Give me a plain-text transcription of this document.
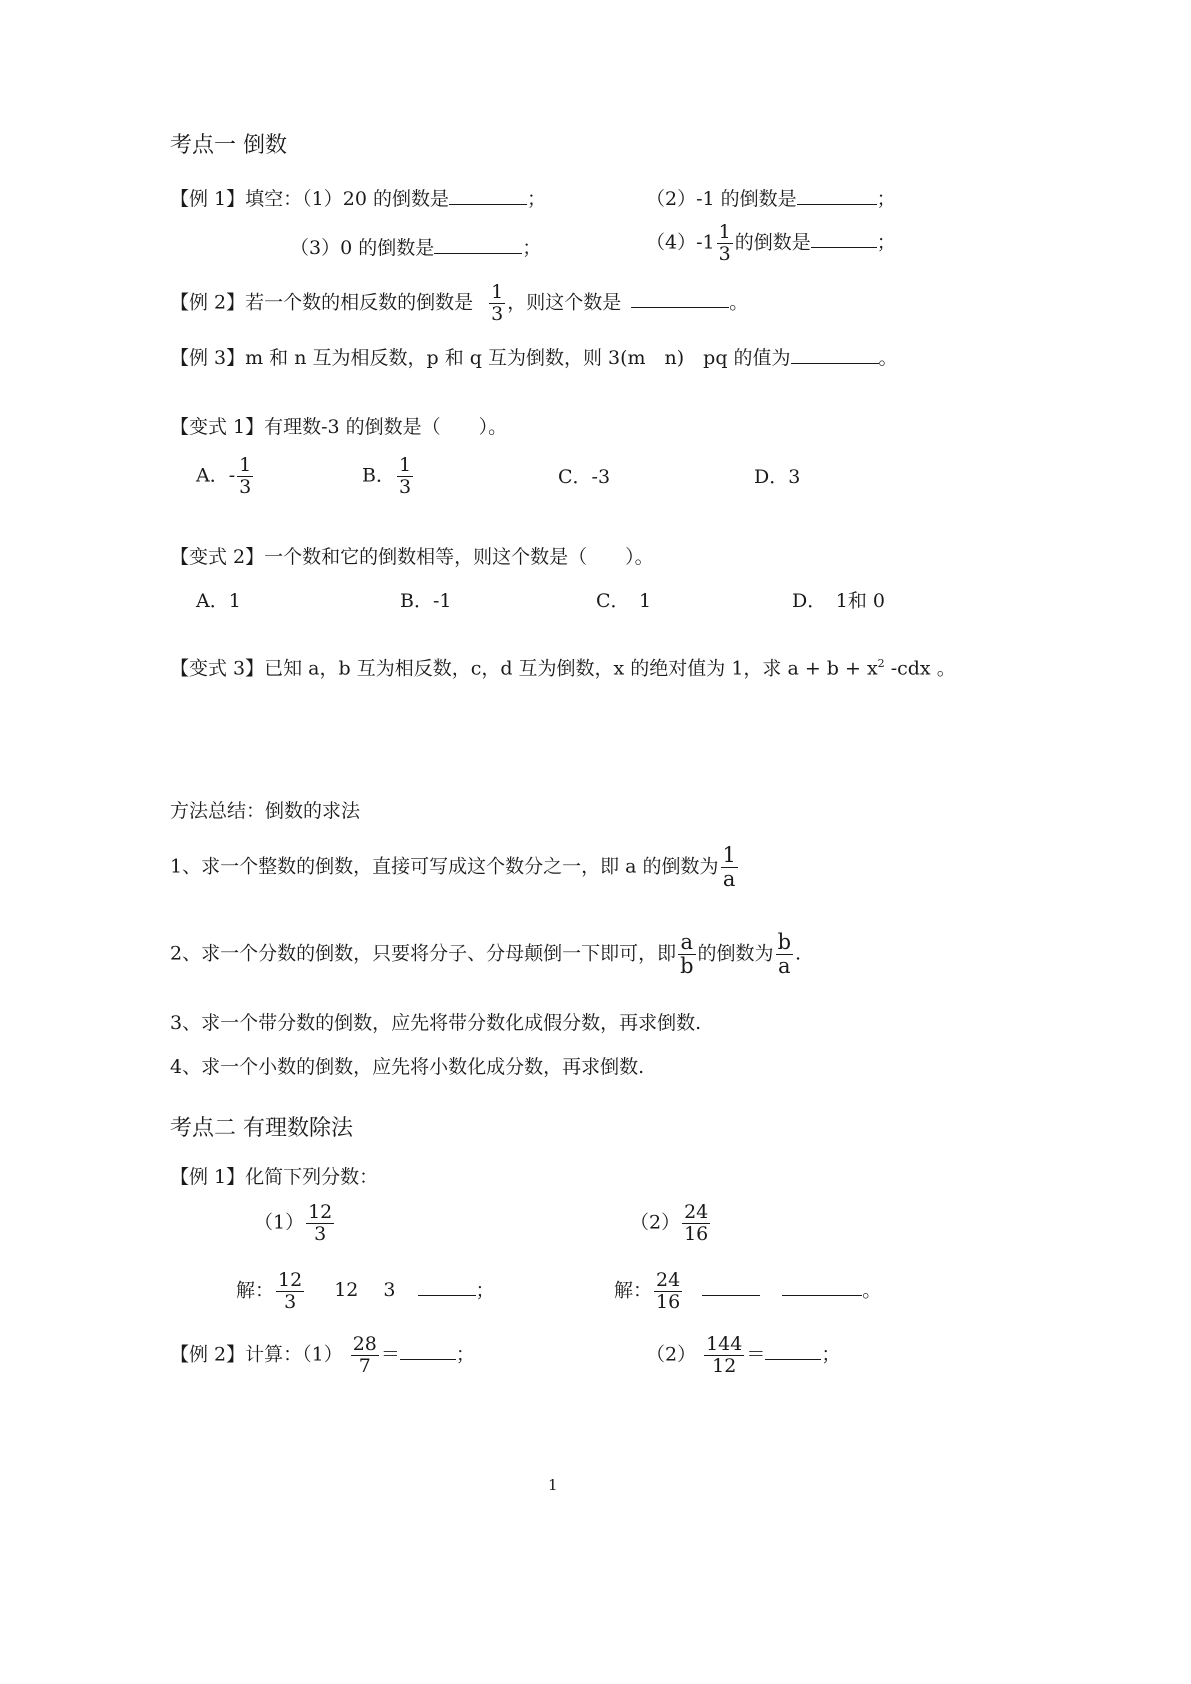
考点一 倒数
【例 1】填空：（1）20 的倒数是	；	（2）-1 的倒数是	；
（3）0 的倒数是	；	$(4)-1 \frac{1}{3}$ 的倒数是	；
【例 2】若一个数的相反数的倒数是 $\frac{1}{3}$ ，则这个数是	。
【例 3】m 和 n 互为相反数，p 和 q 互为倒数，则 3(m　n)　pq 的值为	。
【变式 1】有理数-3 的倒数是（　　）。
A．- $\frac{1}{3}$	B． $\frac{1}{3}$	C．-3	D．3
【变式 2】一个数和它的倒数相等，则这个数是（　　）。
A．1	B．-1	C．　1	D．　1和 0
【变式 3】已知 a，b 互为相反数，c，d 互为倒数，x 的绝对值为 1，求 $a + b + x^2$ -cdx 。
方法总结：倒数的求法
1、求一个整数的倒数，直接可写成这个数分之一，即 a 的倒数为 $\frac{1}{a}$
2、求一个分数的倒数，只要将分子、分母颠倒一下即可，即 $\frac{a}{b}$ 的倒数为 $\frac{b}{a}$ .
3、求一个带分数的倒数，应先将带分数化成假分数，再求倒数.
4、求一个小数的倒数，应先将小数化成分数，再求倒数.
考点二 有理数除法
【例 1】化简下列分数：
$(1) \frac{12}{3}$	$(2) \frac{24}{16}$
解： $\frac{12}{3} 12$　 3	；	解： $\frac{24}{16}$	。
【例 2】计算：$(1) \frac{28}{7}$ ＝	；	$(2) \frac{144}{12}$ ＝	；
1
